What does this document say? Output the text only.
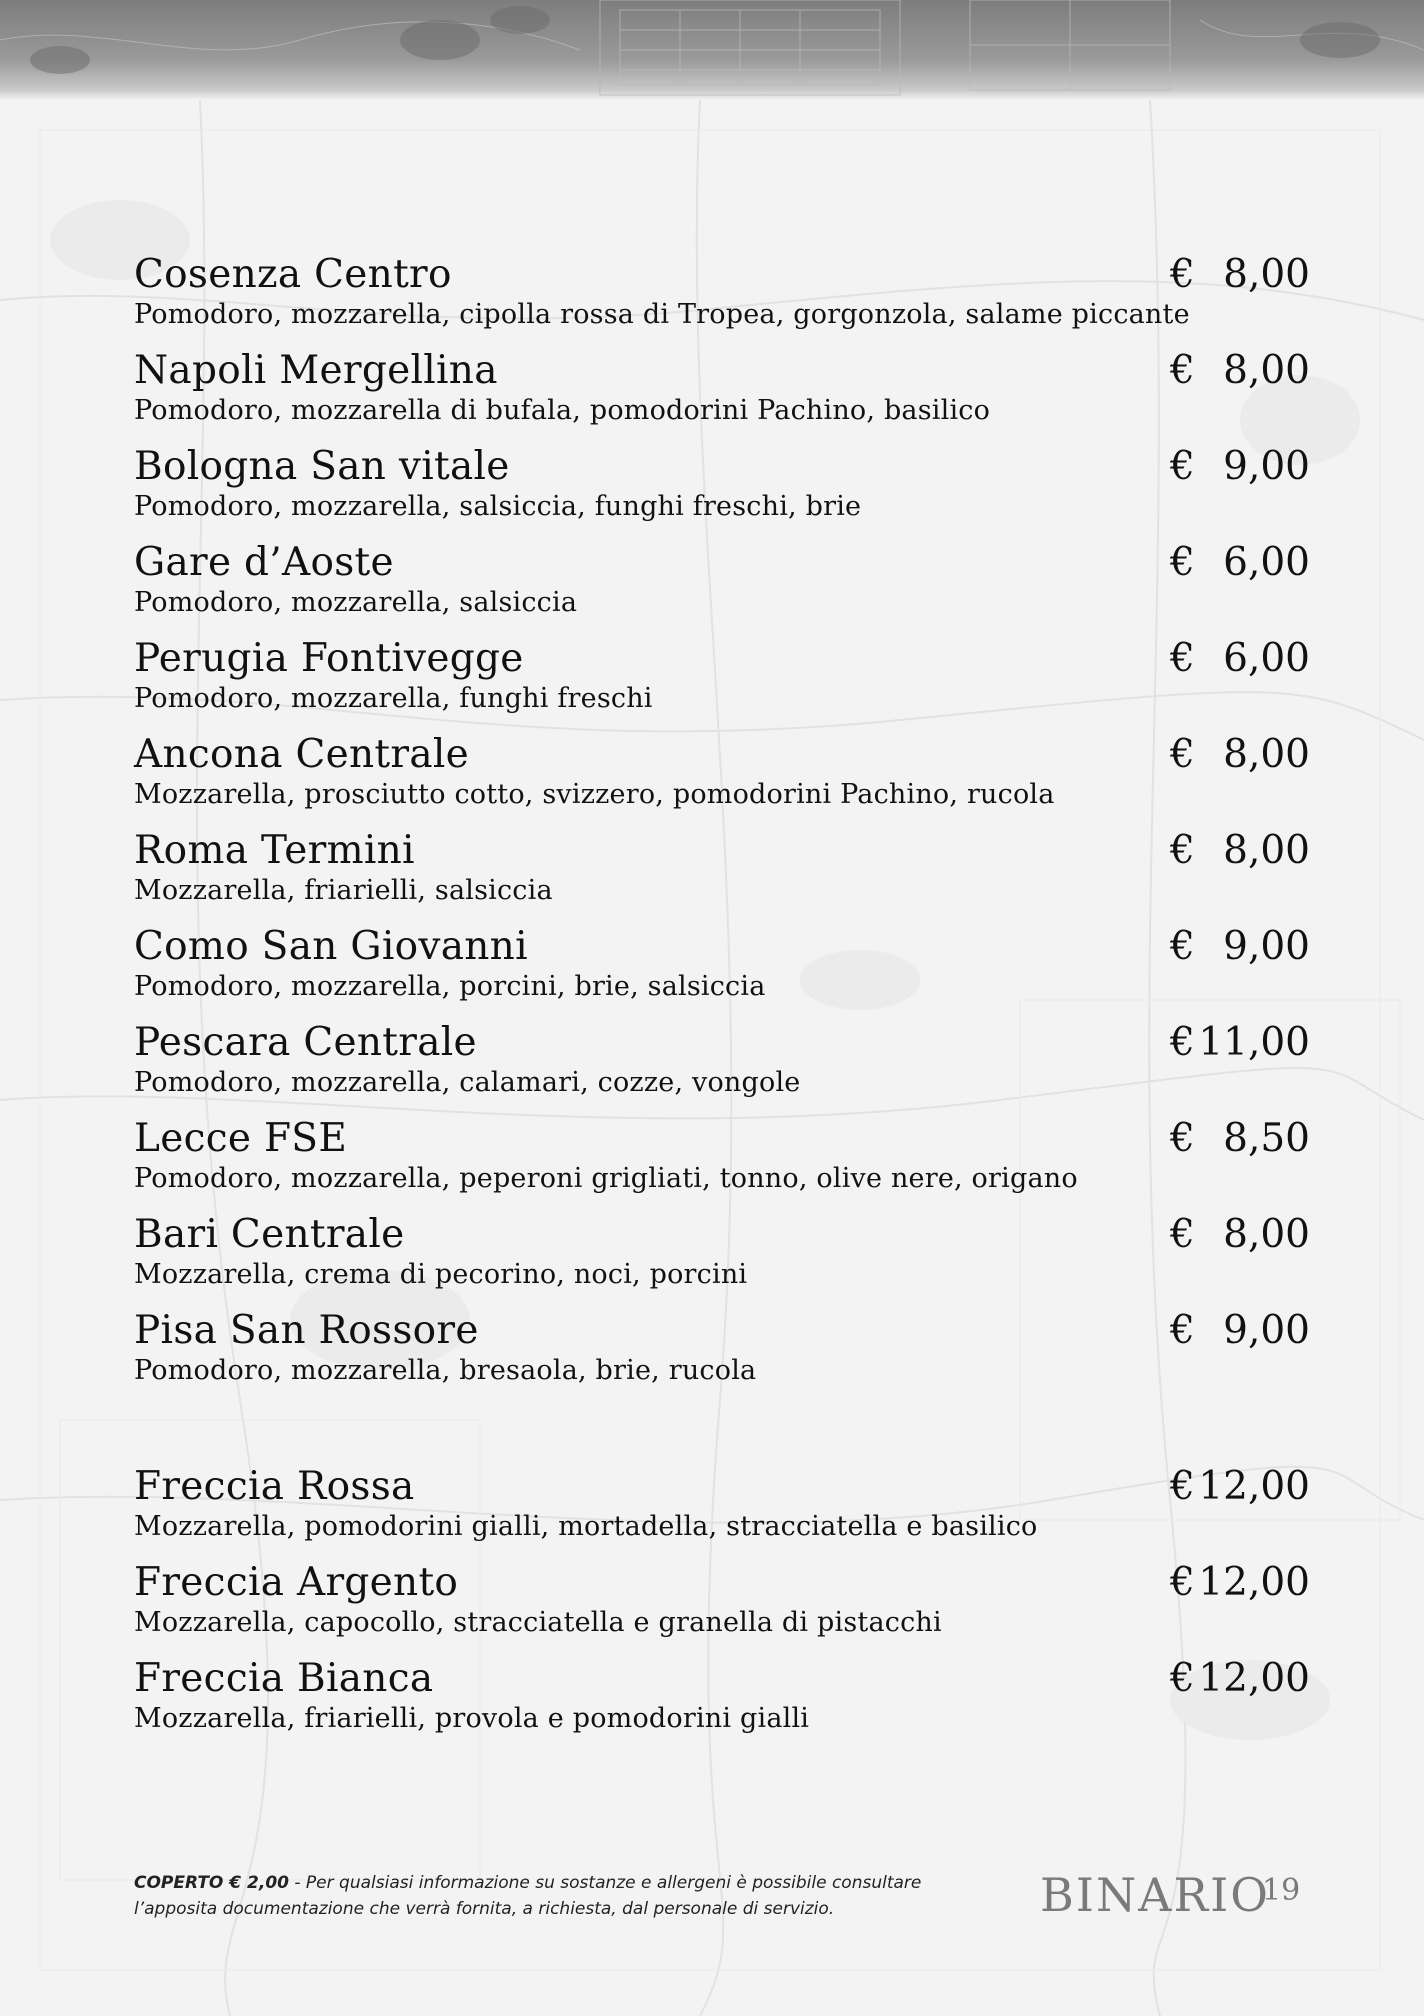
Cosenza Centro	€ 8,00
Pomodoro, mozzarella, cipolla rossa di Tropea, gorgonzola, salame piccante
Napoli Mergellina	€ 8,00
Pomodoro, mozzarella di bufala, pomodorini Pachino, basilico
Bologna San vitale	€ 9,00
Pomodoro, mozzarella, salsiccia, funghi freschi, brie
Gare d’Aoste	€ 6,00
Pomodoro, mozzarella, salsiccia
Perugia Fontivegge	€ 6,00
Pomodoro, mozzarella, funghi freschi
Ancona Centrale	€ 8,00
Mozzarella, prosciutto cotto, svizzero, pomodorini Pachino, rucola
Roma Termini	€ 8,00
Mozzarella, friarielli, salsiccia
Como San Giovanni	€ 9,00
Pomodoro, mozzarella, porcini, brie, salsiccia
Pescara Centrale	€ 11,00
Pomodoro, mozzarella, calamari, cozze, vongole
Lecce FSE	€ 8,50
Pomodoro, mozzarella, peperoni grigliati, tonno, olive nere, origano
Bari Centrale	€ 8,00
Mozzarella, crema di pecorino, noci, porcini
Pisa San Rossore	€ 9,00
Pomodoro, mozzarella, bresaola, brie, rucola
Freccia Rossa	€ 12,00
Mozzarella, pomodorini gialli, mortadella, stracciatella e basilico
Freccia Argento	€ 12,00
Mozzarella, capocollo, stracciatella e granella di pistacchi
Freccia Bianca	€ 12,00
Mozzarella, friarielli, provola e pomodorini gialli
COPERTO € 2,00 - Per qualsiasi informazione su sostanze e allergeni è possibile consultare
l’apposita documentazione che verrà fornita, a richiesta, dal personale di servizio.	BINARIO
19
